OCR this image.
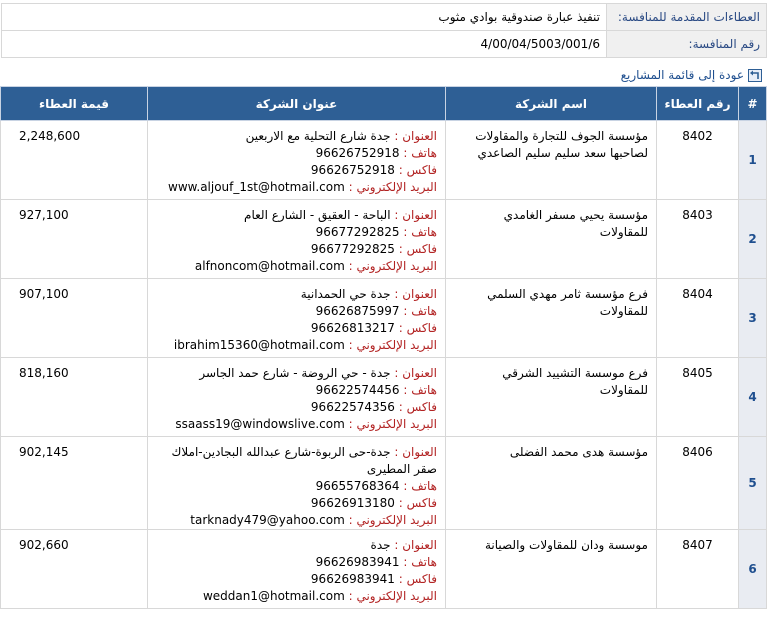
العطاءات المقدمة للمنافسة:	تنفيذ عبارة صندوقية بوادي مثوب
رقم المنافسة:	4/00/04/5003/001/6
عودة إلى قائمة المشاريع
#	رقم العطاء	اسم الشركة	عنوان الشركة	قيمة العطاء
1	8402	مؤسسة الجوف للتجارة والمقاولات لصاحبها سعد سليم سليم الصاعدي	العنوان : جدة شارع التحلية مع الاربعين
هاتف : 96626752918
فاكس : 96626752918
البريد الإلكتروني : www.aljouf_1st@hotmail.com	2,248,600
2	8403	مؤسسة يحيي مسفر الغامدي للمقاولات	العنوان : الباحة - العقيق - الشارع العام
هاتف : 96677292825
فاكس : 96677292825
البريد الإلكتروني : alfnoncom@hotmail.com	927,100
3	8404	فرع مؤسسة ثامر مهدي السلمي للمقاولات	العنوان : جدة حي الحمدانية
هاتف : 96626875997
فاكس : 96626813217
البريد الإلكتروني : ibrahim15360@hotmail.com	907,100
4	8405	فرع موسسة التشييد الشرقي للمقاولات	العنوان : جدة - حي الروضة - شارع حمد الجاسر
هاتف : 96622574456
فاكس : 96622574356
البريد الإلكتروني : ssaass19@windowslive.com	818,160
5	8406	مؤسسة هدى محمد الفضلى	العنوان : جدة-حى الربوة-شارع عبدالله البجادين-املاك صقر المطيرى
هاتف : 96655768364
فاكس : 96626913180
البريد الإلكتروني : tarknady479@yahoo.com	902,145
6	8407	موسسة ودان للمقاولات والصيانة	العنوان : جدة
هاتف : 96626983941
فاكس : 96626983941
البريد الإلكتروني : weddan1@hotmail.com	902,660
